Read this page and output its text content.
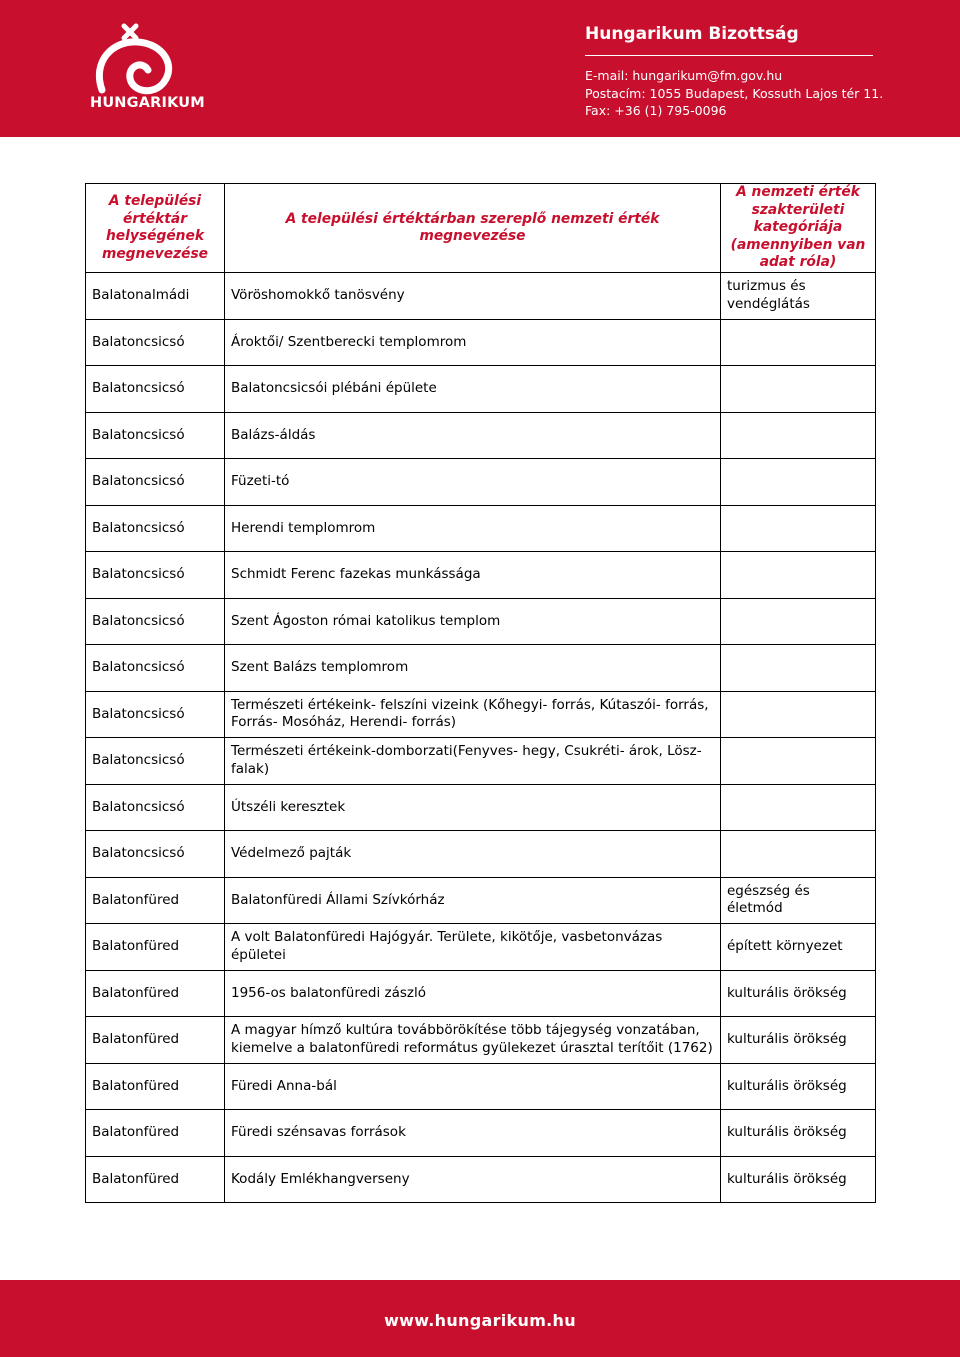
HUNGARIKUM
Hungarikum Bizottság
E-mail: hungarikum@fm.gov.hu
Postacím: 1055 Budapest, Kossuth Lajos tér 11.
Fax: +36 (1) 795-0096
A települési értéktár helységének megnevezése	A települési értéktárban szereplő nemzeti érték megnevezése	A nemzeti érték szakterületi kategóriája (amennyiben van adat róla)
Balatonalmádi	Vöröshomokkő tanösvény	turizmus és vendéglátás
Balatoncsicsó	Ároktői/ Szentberecki templomrom	
Balatoncsicsó	Balatoncsicsói plébáni épülete	
Balatoncsicsó	Balázs-áldás	
Balatoncsicsó	Füzeti-tó	
Balatoncsicsó	Herendi templomrom	
Balatoncsicsó	Schmidt Ferenc fazekas munkássága	
Balatoncsicsó	Szent Ágoston római katolikus templom	
Balatoncsicsó	Szent Balázs templomrom	
Balatoncsicsó	Természeti értékeink- felszíni vizeink (Kőhegyi- forrás, Kútaszói- forrás, Forrás- Mosóház, Herendi- forrás)	
Balatoncsicsó	Természeti értékeink-domborzati(Fenyves- hegy, Csukréti- árok, Lösz- falak)	
Balatoncsicsó	Útszéli keresztek	
Balatoncsicsó	Védelmező pajták	
Balatonfüred	Balatonfüredi Állami Szívkórház	egészség és életmód
Balatonfüred	A volt Balatonfüredi Hajógyár. Területe, kikötője, vasbetonvázas épületei	épített környezet
Balatonfüred	1956-os balatonfüredi zászló	kulturális örökség
Balatonfüred	A magyar hímző kultúra továbbörökítése több tájegység vonzatában, kiemelve a balatonfüredi református gyülekezet úrasztal terítőit (1762)	kulturális örökség
Balatonfüred	Füredi Anna-bál	kulturális örökség
Balatonfüred	Füredi szénsavas források	kulturális örökség
Balatonfüred	Kodály Emlékhangverseny	kulturális örökség
www.hungarikum.hu
